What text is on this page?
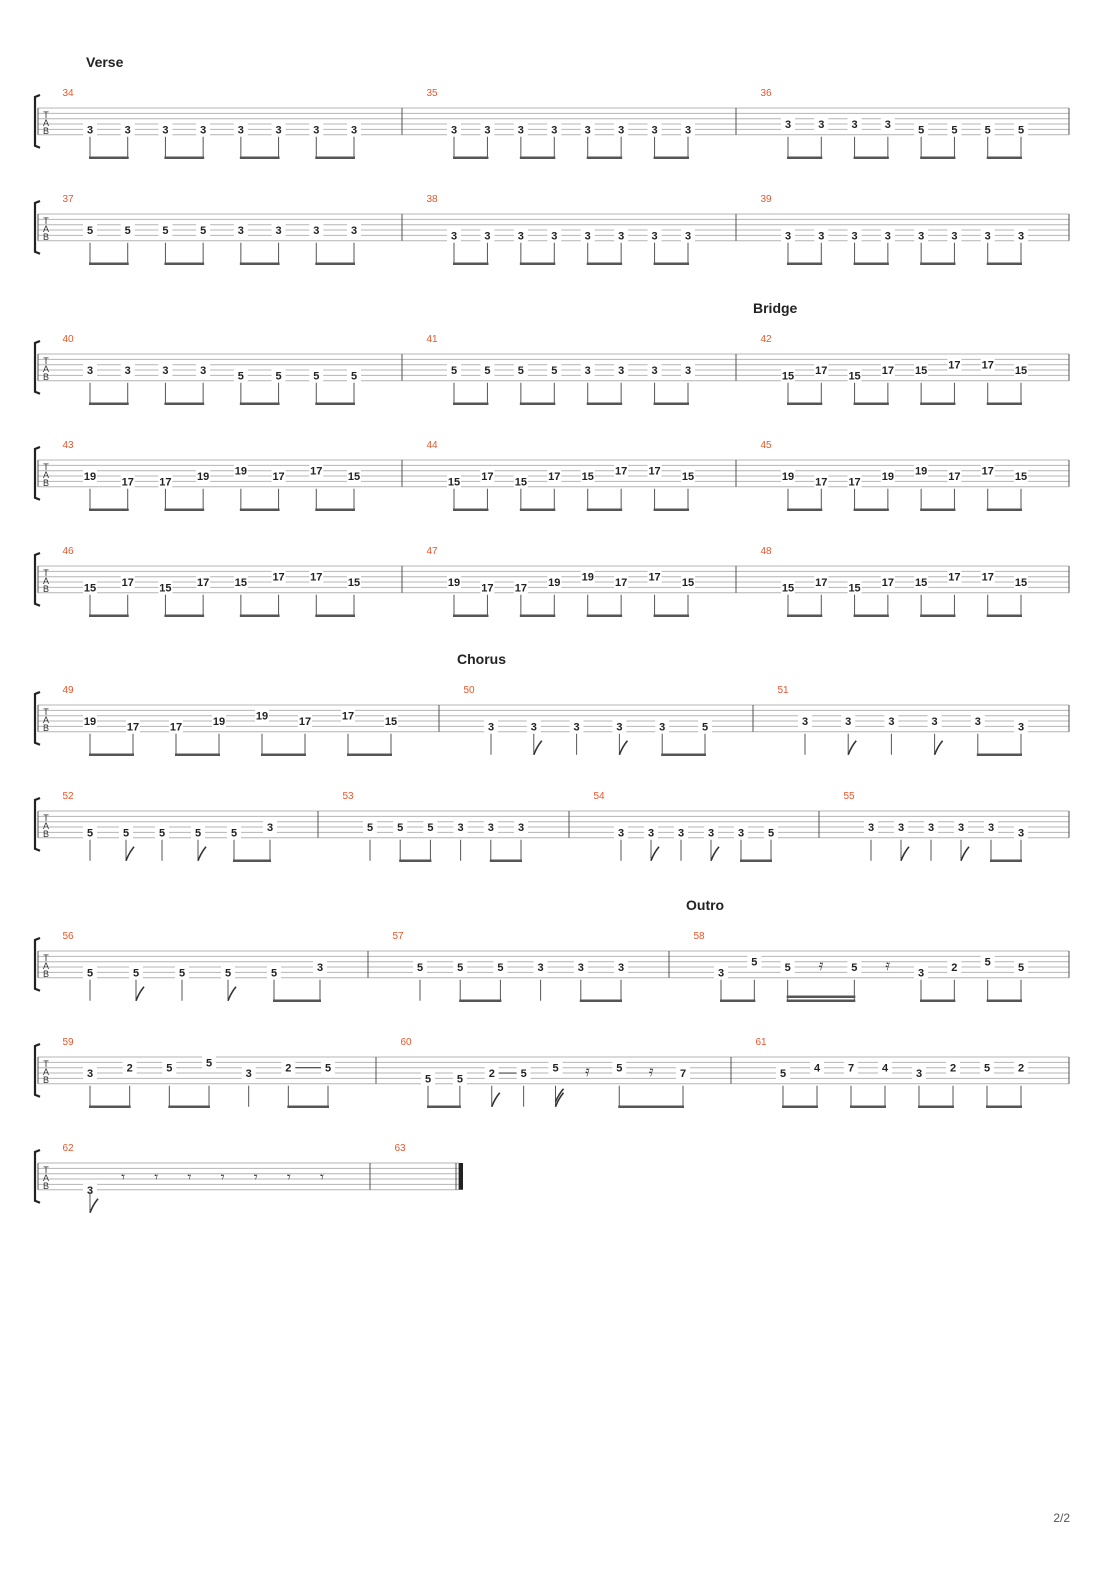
Verse
Bridge
Chorus
Outro
T
A
B
34
3	3	3	3	3	3	3	3
35
3 3 3 3 3 3 3 3
36
3 3 3 3 5 5 5 5
T
A
B
37
5	5	5	5	3	3	3	3
38
3 3 3 3 3 3 3 3
39
3 3 3 3 3 3 3 3
T
A
B
40
3	3	3	3	5	5	5	5
41
5 5 5 5 3 3 3 3
42
15 17 15 17 15 17 17 15
T
A
B
43
19 17 17 19 19 17 17 15
44
15 17 15 17 15 17 17 15
45
19 17 17 19 19 17 17 15
T
A
B
46
15 17 15 17 15 17 17 15
47
19 17 17 19 19 17 17 15
48
15 17 15 17 15 17 17 15
T
A
B
49
19	17	17	19	19	17	17	15
50
3	3	3	3	3	5
51
3	3	3	3	3	3
T
A
B
52
5	5	5	5	5	3
53
5 5 5 3 3 3
54
3 3 3 3 3 5
55
3 3 3 3 3 3
T
A
B
56
5	5	5	5	5	3
57
5	5	5	3	3	3
58
3
5 5 𝄿	5 𝄿	3 2 5 5
T
A
B
59
3	2	5	5
3	2	5
60
5 5 2 5 5 𝄿 5 𝄿 7
61
5	4	7	4	3	2	5	2
T
A
B
62
3
𝄾 𝄾 𝄾 𝄾 𝄾 𝄾 𝄾
63
2/2
